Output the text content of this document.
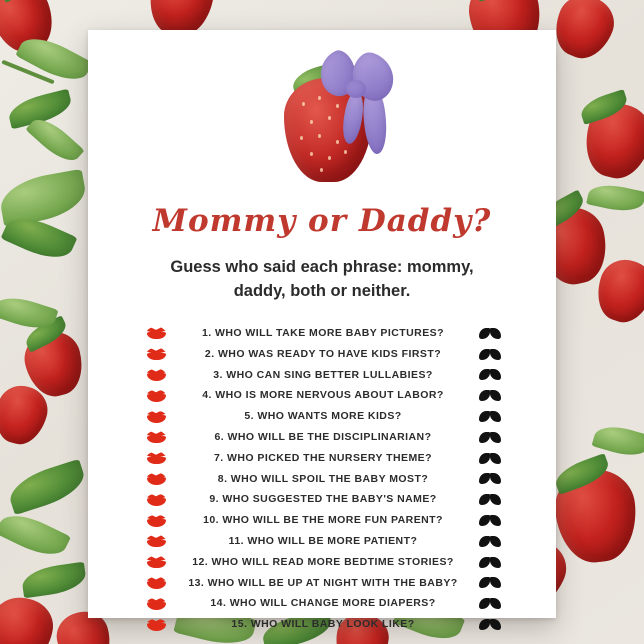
Mommy or Daddy?
Guess who said each phrase: mommy, daddy, both or neither.
1. WHO WILL TAKE MORE BABY PICTURES?
2. WHO WAS READY TO HAVE KIDS FIRST?
3. WHO CAN SING BETTER LULLABIES?
4. WHO IS MORE NERVOUS ABOUT LABOR?
5. WHO WANTS MORE KIDS?
6. WHO WILL BE THE DISCIPLINARIAN?
7. WHO PICKED THE NURSERY THEME?
8. WHO WILL SPOIL THE BABY MOST?
9. WHO SUGGESTED THE BABY'S NAME?
10. WHO WILL BE THE MORE FUN PARENT?
11. WHO WILL BE MORE PATIENT?
12. WHO WILL READ MORE BEDTIME STORIES?
13. WHO WILL BE UP AT NIGHT WITH THE BABY?
14. WHO WILL CHANGE MORE DIAPERS?
15. WHO WILL BABY LOOK LIKE?
